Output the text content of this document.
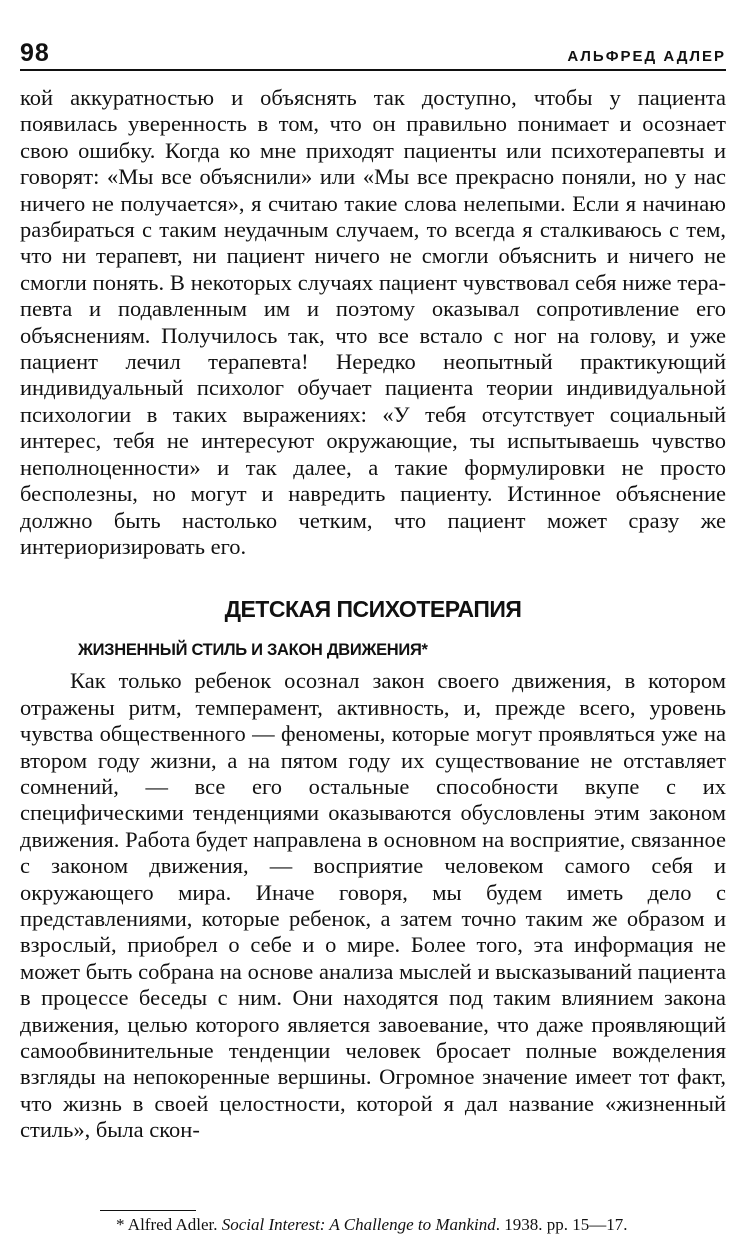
98	АЛЬФРЕД АДЛЕР

кой аккуратностью и объяснять так доступно, чтобы у пациента появилась уверенность в том, что он правильно понимает и осознает свою ошибку. Когда ко мне приходят пациенты или психотерапевты и говорят: «Мы все объяснили» или «Мы все прекрасно поняли, но у нас ничего не получается», я считаю такие слова нелепыми. Если я начинаю разбираться с таким неудачным случаем, то всегда я сталкиваюсь с тем, что ни терапевт, ни пациент ничего не смогли объяснить и ничего не смогли понять. В некоторых случаях пациент чувствовал себя ниже терапевта и подавленным им и поэтому оказывал сопротивление его объяснениям. Получилось так, что все встало с ног на голову, и уже пациент лечил терапевта! Нередко неопытный практикующий индивидуальный психолог обучает пациента теории индивидуальной психологии в таких выражениях: «У тебя отсутствует социальный интерес, тебя не интересуют окружающие, ты испытываешь чувство неполноценности» и так далее, а такие формулировки не просто бесполезны, но могут и навредить пациенту. Истинное объяснение должно быть настолько четким, что пациент может сразу же интериоризировать его.

ДЕТСКАЯ ПСИХОТЕРАПИЯ
ЖИЗНЕННЫЙ СТИЛЬ И ЗАКОН ДВИЖЕНИЯ*

Как только ребенок осознал закон своего движения, в котором отражены ритм, темперамент, активность, и, прежде всего, уровень чувства общественного — феномены, которые могут проявляться уже на втором году жизни, а на пятом году их существование не отставляет сомнений, — все его остальные способности вкупе с их специфическими тенденциями оказываются обусловлены этим законом движения. Работа будет направлена в основном на восприятие, связанное с законом движения, — восприятие человеком самого себя и окружающего мира. Иначе говоря, мы будем иметь дело с представлениями, которые ребенок, а затем точно таким же образом и взрослый, приобрел о себе и о мире. Более того, эта информация не может быть собрана на основе анализа мыслей и высказываний пациента в процессе беседы с ним. Они находятся под таким влиянием закона движения, целью которого является завоевание, что даже проявляющий самообвинительные тенденции человек бросает полные вожделения взгляды на непокоренные вершины. Огромное значение имеет тот факт, что жизнь в своей целостности, которой я дал название «жизненный стиль», была скон-

* Alfred Adler. Social Interest: A Challenge to Mankind. 1938. pp. 15—17.
